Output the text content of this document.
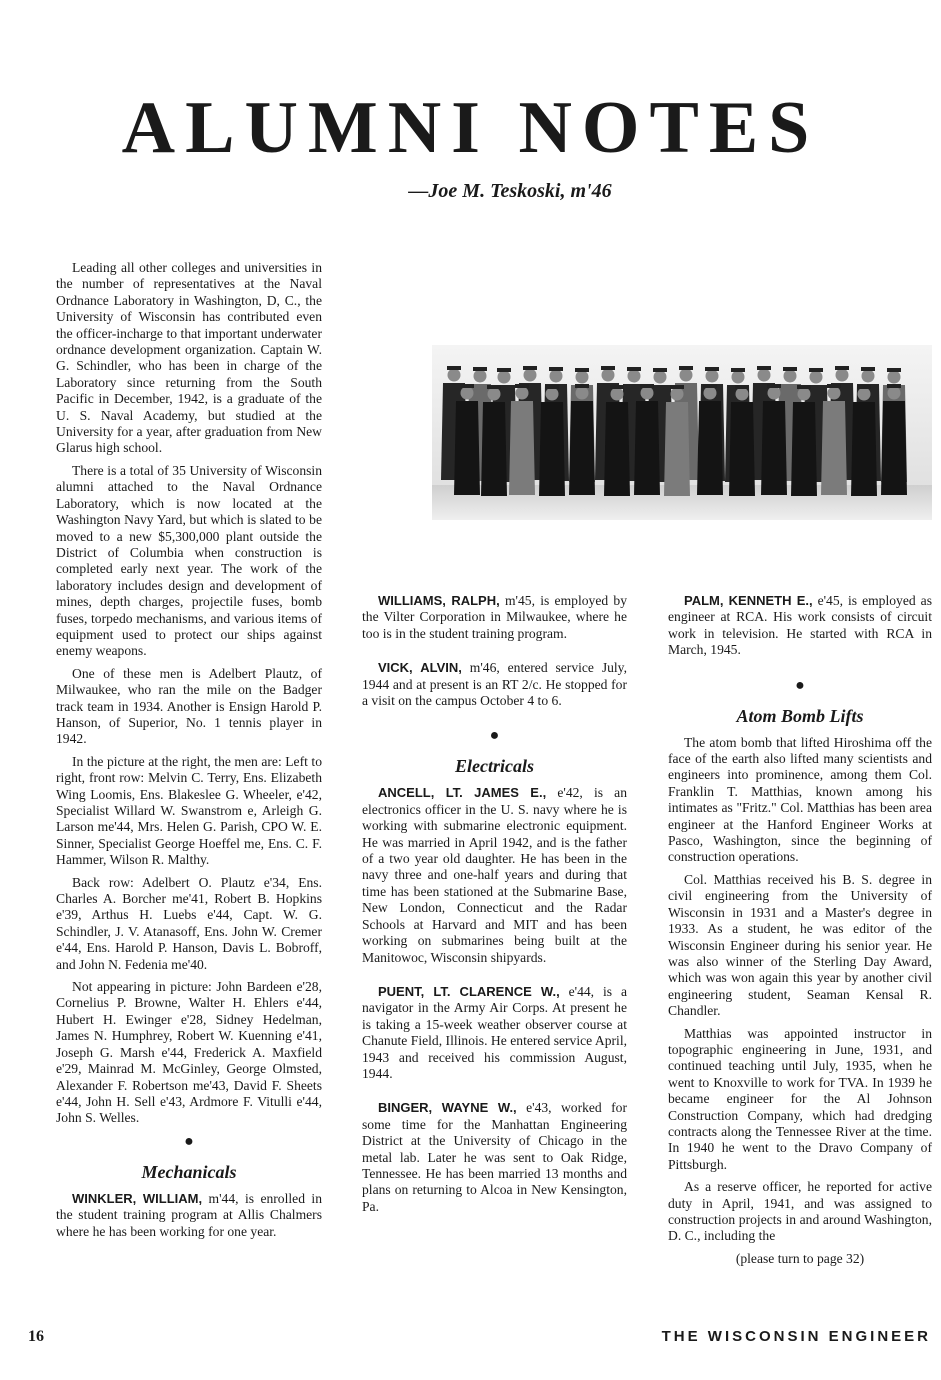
ALUMNI NOTES
—Joe M. Teskoski, m'46

Leading all other colleges and universities in the number of representatives at the Naval Ordnance Laboratory in Washington, D, C., the University of Wisconsin has contributed even the officer-incharge to that important underwater ordnance development organization. Captain W. G. Schindler, who has been in charge of the Laboratory since returning from the South Pacific in December, 1942, is a graduate of the U. S. Naval Academy, but studied at the University for a year, after graduation from New Glarus high school.

There is a total of 35 University of Wisconsin alumni attached to the Naval Ordnance Laboratory, which is now located at the Washington Navy Yard, but which is slated to be moved to a new $5,300,000 plant outside the District of Columbia when construction is completed early next year. The work of the laboratory includes design and development of mines, depth charges, projectile fuses, bomb fuses, torpedo mechanisms, and various items of equipment used to protect our ships against enemy weapons.

One of these men is Adelbert Plautz, of Milwaukee, who ran the mile on the Badger track team in 1934. Another is Ensign Harold P. Hanson, of Superior, No. 1 tennis player in 1942.

In the picture at the right, the men are: Left to right, front row: Melvin C. Terry, Ens. Elizabeth Wing Loomis, Ens. Blakeslee G. Wheeler, e'42, Specialist Willard W. Swanstrom e, Arleigh G. Larson me'44, Mrs. Helen G. Parish, CPO W. E. Sinner, Specialist George Hoeffel me, Ens. C. F. Hammer, Wilson R. Malthy.

Back row: Adelbert O. Plautz e'34, Ens. Charles A. Borcher me'41, Robert B. Hopkins e'39, Arthus H. Luebs e'44, Capt. W. G. Schindler, J. V. Atanasoff, Ens. John W. Cremer e'44, Ens. Harold P. Hanson, Davis L. Bobroff, and John N. Fedenia me'40.

Not appearing in picture: John Bardeen e'28, Cornelius P. Browne, Walter H. Ehlers e'44, Hubert H. Ewinger e'28, Sidney Hedelman, James N. Humphrey, Robert W. Kuenning e'41, Joseph G. Marsh e'44, Frederick A. Maxfield e'29, Mainrad M. McGinley, George Olmsted, Alexander F. Robertson me'43, David F. Sheets e'44, John H. Sell e'43, Ardmore F. Vitulli e'44, John S. Welles.

●
Mechanicals

WINKLER, WILLIAM, m'44, is enrolled in the student training program at Allis Chalmers where he has been working for one year.

WILLIAMS, RALPH, m'45, is employed by the Vilter Corporation in Milwaukee, where he too is in the student training program.

VICK, ALVIN, m'46, entered service July, 1944 and at present is an RT 2/c. He stopped for a visit on the campus October 4 to 6.

●
Electricals

ANCELL, LT. JAMES E., e'42, is an electronics officer in the U. S. navy where he is working with submarine electronic equipment. He was married in April 1942, and is the father of a two year old daughter. He has been in the navy three and one-half years and during that time has been stationed at the Submarine Base, New London, Connecticut and the Radar Schools at Harvard and MIT and has been working on submarines being built at the Manitowoc, Wisconsin shipyards.

PUENT, LT. CLARENCE W., e'44, is a navigator in the Army Air Corps. At present he is taking a 15-week weather observer course at Chanute Field, Illinois. He entered service April, 1943 and received his commission August, 1944.

BINGER, WAYNE W., e'43, worked for some time for the Manhattan Engineering District at the University of Chicago in the metal lab. Later he was sent to Oak Ridge, Tennessee. He has been married 13 months and plans on returning to Alcoa in New Kensington, Pa.

PALM, KENNETH E., e'45, is employed as engineer at RCA. His work consists of circuit work in television. He started with RCA in March, 1945.

●
Atom Bomb Lifts

The atom bomb that lifted Hiroshima off the face of the earth also lifted many scientists and engineers into prominence, among them Col. Franklin T. Matthias, known among his intimates as "Fritz." Col. Matthias has been area engineer at the Hanford Engineer Works at Pasco, Washington, since the beginning of construction operations.

Col. Matthias received his B. S. degree in civil engineering from the University of Wisconsin in 1931 and a Master's degree in 1933. As a student, he was editor of the Wisconsin Engineer during his senior year. He was also winner of the Sterling Day Award, which was won again this year by another civil engineering student, Seaman Kensal R. Chandler.

Matthias was appointed instructor in topographic engineering in June, 1931, and continued teaching until July, 1935, when he went to Knoxville to work for TVA. In 1939 he became engineer for the Al Johnson Construction Company, which had dredging contracts along the Tennessee River at the time. In 1940 he went to the Dravo Company of Pittsburgh.

As a reserve officer, he reported for active duty in April, 1941, and was assigned to construction projects in and around Washington, D. C., including the

(please turn to page 32)

16	THE WISCONSIN ENGINEER
